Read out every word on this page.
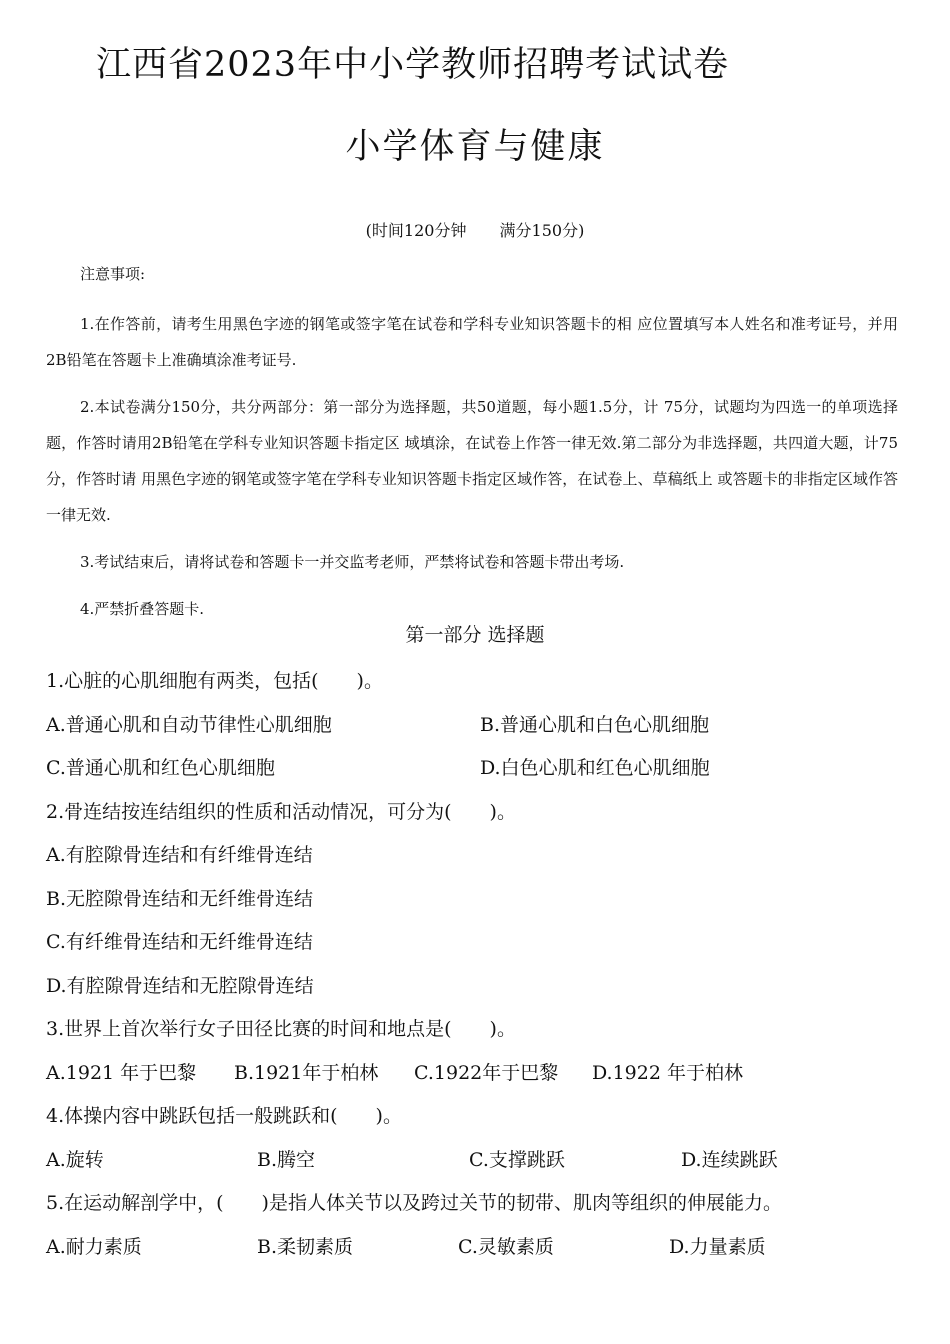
江西省2023年中小学教师招聘考试试卷
小学体育与健康
(时间120分钟 满分150分)
注意事项:

1.在作答前，请考生用黑色字迹的钢笔或签字笔在试卷和学科专业知识答题卡的相 应位置填写本人姓名和准考证号，并用2B铅笔在答题卡上准确填涂准考证号.

2.本试卷满分150分，共分两部分：第一部分为选择题，共50道题，每小题1.5分，计 75分，试题均为四选一的单项选择题，作答时请用2B铅笔在学科专业知识答题卡指定区 域填涂，在试卷上作答一律无效.第二部分为非选择题，共四道大题，计75分，作答时请 用黑色字迹的钢笔或签字笔在学科专业知识答题卡指定区域作答，在试卷上、草稿纸上 或答题卡的非指定区域作答一律无效.

3.考试结束后，请将试卷和答题卡一并交监考老师，严禁将试卷和答题卡带出考场.

4.严禁折叠答题卡.

第一部分 选择题
1.心脏的心肌细胞有两类，包括(　　)。
A.普通心肌和自动节律性心肌细胞	B.普通心肌和白色心肌细胞
C.普通心肌和红色心肌细胞	D.白色心肌和红色心肌细胞
2.骨连结按连结组织的性质和活动情况，可分为(　　)。
A.有腔隙骨连结和有纤维骨连结
B.无腔隙骨连结和无纤维骨连结
C.有纤维骨连结和无纤维骨连结
D.有腔隙骨连结和无腔隙骨连结
3.世界上首次举行女子田径比赛的时间和地点是(　　)。
A.1921 年于巴黎 B.1921年于柏林 C.1922年于巴黎 D.1922 年于柏林
4.体操内容中跳跃包括一般跳跃和(　　)。
A.旋转	B.腾空	C.支撑跳跃	D.连续跳跃
5.在运动解剖学中，(　　)是指人体关节以及跨过关节的韧带、肌肉等组织的伸展能力。
A.耐力素质	B.柔韧素质	C.灵敏素质	D.力量素质
